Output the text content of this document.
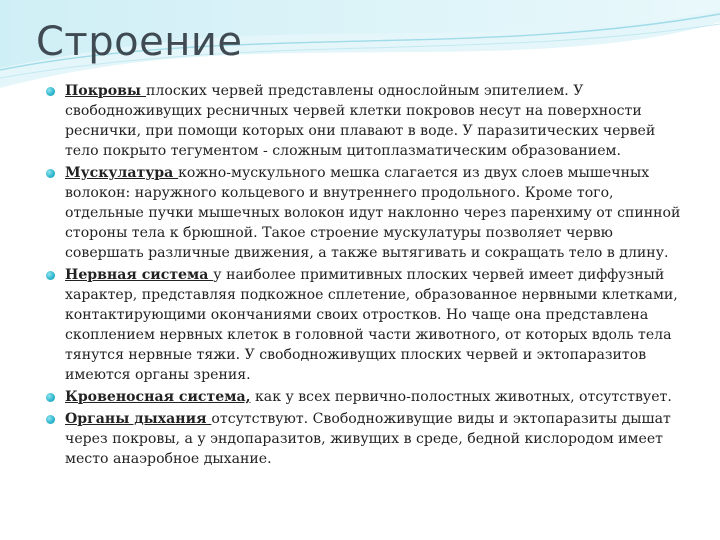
Строение
Покровы плоских червей представлены однослойным эпителием. У свободноживущих ресничных червей клетки покровов несут на поверхности реснички, при помощи которых они плавают в воде. У паразитических червей тело покрыто тегументом - сложным цитоплазматическим образованием.
Мускулатура кожно-мускульного мешка слагается из двух слоев мышечных волокон: наружного кольцевого и внутреннего продольного. Кроме того, отдельные пучки мышечных волокон идут наклонно через паренхиму от спинной стороны тела к брюшной. Такое строение мускулатуры позволяет червю совершать различные движения, а также вытягивать и сокращать тело в длину.
Нервная система у наиболее примитивных плоских червей имеет диффузный характер, представляя подкожное сплетение, образованное нервными клетками, контактирующими окончаниями своих отростков. Но чаще она представлена скоплением нервных клеток в головной части животного, от которых вдоль тела тянутся нервные тяжи. У свободноживущих плоских червей и эктопаразитов имеются органы зрения.
Кровеносная система, как у всех первично-полостных животных, отсутствует.
Органы дыхания отсутствуют. Свободноживущие виды и эктопаразиты дышат через покровы, а у эндопаразитов, живущих в среде, бедной кислородом имеет место анаэробное дыхание.
